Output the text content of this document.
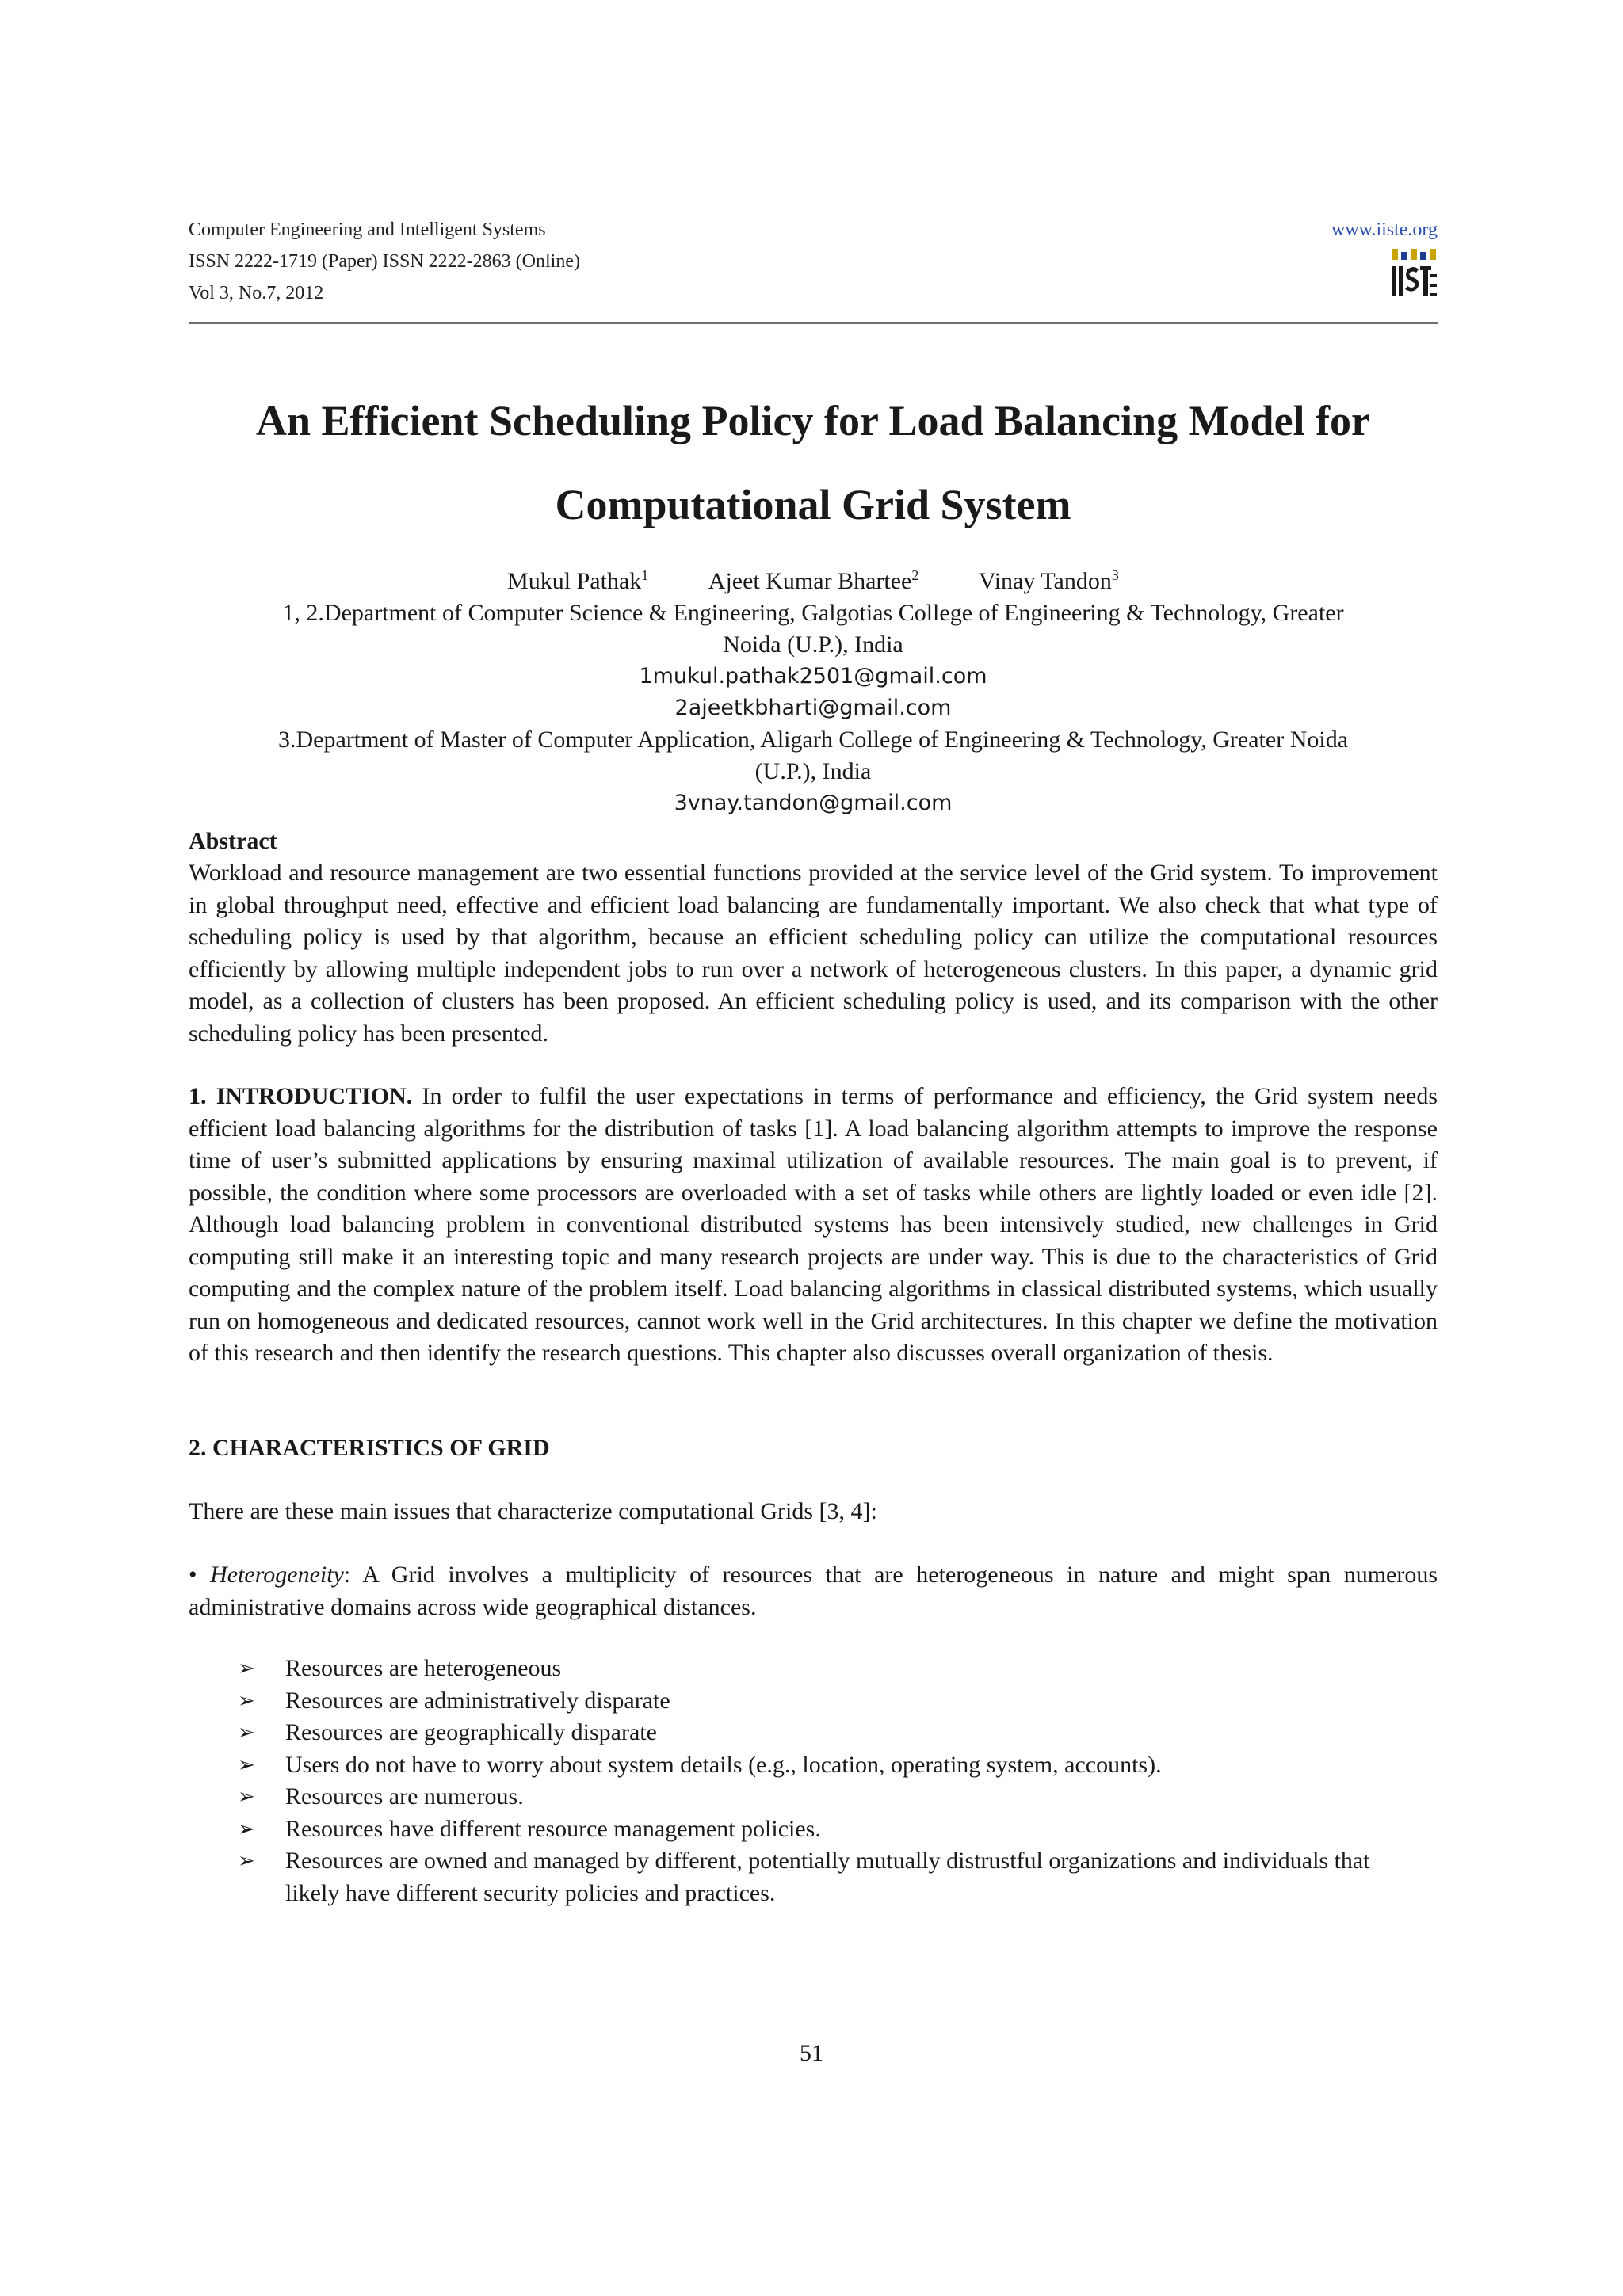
Computer Engineering and Intelligent Systems
ISSN 2222-1719 (Paper) ISSN 2222-2863 (Online)
Vol 3, No.7, 2012
www.iiste.org
An Efficient Scheduling Policy for Load Balancing Model for
Computational Grid System
Mukul Pathak$^1$	Ajeet Kumar Bhartee$^2$	Vinay Tandon$^3$
1, 2.Department of Computer Science & Engineering, Galgotias College of Engineering & Technology, Greater
Noida (U.P.), India
1mukul.pathak2501@gmail.com
2ajeetkbharti@gmail.com
3.Department of Master of Computer Application, Aligarh College of Engineering & Technology, Greater Noida
(U.P.), India
3vnay.tandon@gmail.com
Abstract

Workload and resource management are two essential functions provided at the service level of the Grid system. To improvement in global throughput need, effective and efficient load balancing are fundamentally important. We also check that what type of scheduling policy is used by that algorithm, because an efficient scheduling policy can utilize the computational resources efficiently by allowing multiple independent jobs to run over a network of heterogeneous clusters. In this paper, a dynamic grid model, as a collection of clusters has been proposed. An efficient scheduling policy is used, and its comparison with the other scheduling policy has been presented.

1. INTRODUCTION. In order to fulfil the user expectations in terms of performance and efficiency, the Grid system needs efficient load balancing algorithms for the distribution of tasks [1]. A load balancing algorithm attempts to improve the response time of user’s submitted applications by ensuring maximal utilization of available resources. The main goal is to prevent, if possible, the condition where some processors are overloaded with a set of tasks while others are lightly loaded or even idle [2]. Although load balancing problem in conventional distributed systems has been intensively studied, new challenges in Grid computing still make it an interesting topic and many research projects are under way. This is due to the characteristics of Grid computing and the complex nature of the problem itself. Load balancing algorithms in classical distributed systems, which usually run on homogeneous and dedicated resources, cannot work well in the Grid architectures. In this chapter we define the motivation of this research and then identify the research questions. This chapter also discusses overall organization of thesis.

2. CHARACTERISTICS OF GRID
There are these main issues that characterize computational Grids [3, 4]:

• Heterogeneity: A Grid involves a multiplicity of resources that are heterogeneous in nature and might span numerous administrative domains across wide geographical distances.

➢ Resources are heterogeneous
➢ Resources are administratively disparate
➢ Resources are geographically disparate
➢ Users do not have to worry about system details (e.g., location, operating system, accounts).
➢ Resources are numerous.
➢ Resources have different resource management policies.
➢ Resources are owned and managed by different, potentially mutually distrustful organizations and individuals that likely have different security policies and practices.
51
